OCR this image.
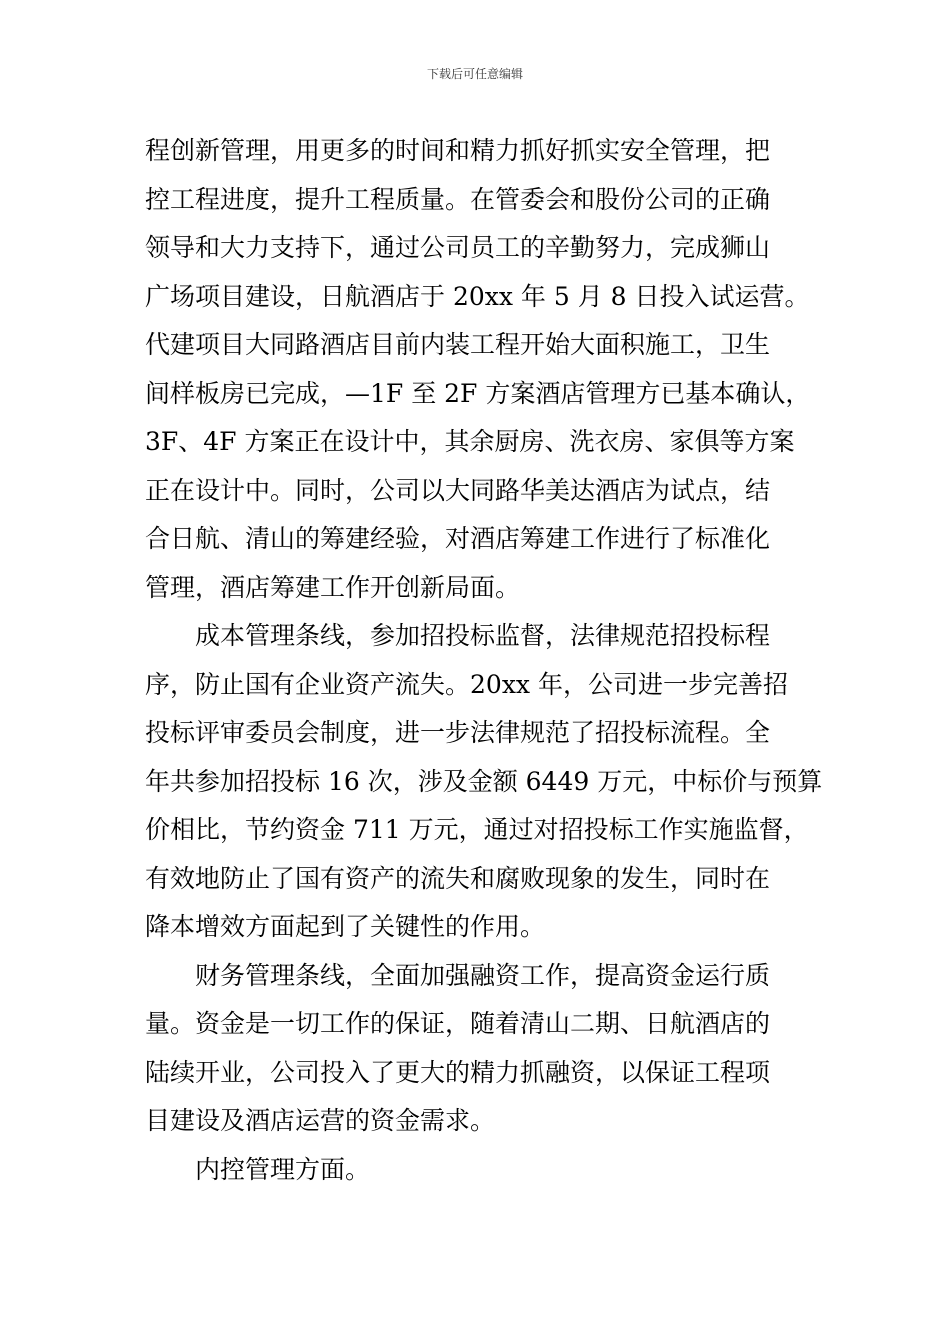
下载后可任意编辑
程创新管理，用更多的时间和精力抓好抓实安全管理，把
控工程进度，提升工程质量。在管委会和股份公司的正确
领导和大力支持下，通过公司员工的辛勤努力，完成狮山
广场项目建设，日航酒店于 20xx 年 5 月 8 日投入试运营。
代建项目大同路酒店目前内装工程开始大面积施工，卫生
间样板房已完成，—1F 至 2F 方案酒店管理方已基本确认，
3F、4F 方案正在设计中，其余厨房、洗衣房、家俱等方案
正在设计中。同时，公司以大同路华美达酒店为试点，结
合日航、清山的筹建经验，对酒店筹建工作进行了标准化
管理，酒店筹建工作开创新局面。
成本管理条线，参加招投标监督，法律规范招投标程
序，防止国有企业资产流失。20xx 年，公司进一步完善招
投标评审委员会制度，进一步法律规范了招投标流程。全
年共参加招投标 16 次，涉及金额 6449 万元，中标价与预算
价相比，节约资金 711 万元，通过对招投标工作实施监督，
有效地防止了国有资产的流失和腐败现象的发生，同时在
降本增效方面起到了关键性的作用。
财务管理条线，全面加强融资工作，提高资金运行质
量。资金是一切工作的保证，随着清山二期、日航酒店的
陆续开业，公司投入了更大的精力抓融资，以保证工程项
目建设及酒店运营的资金需求。
内控管理方面。
